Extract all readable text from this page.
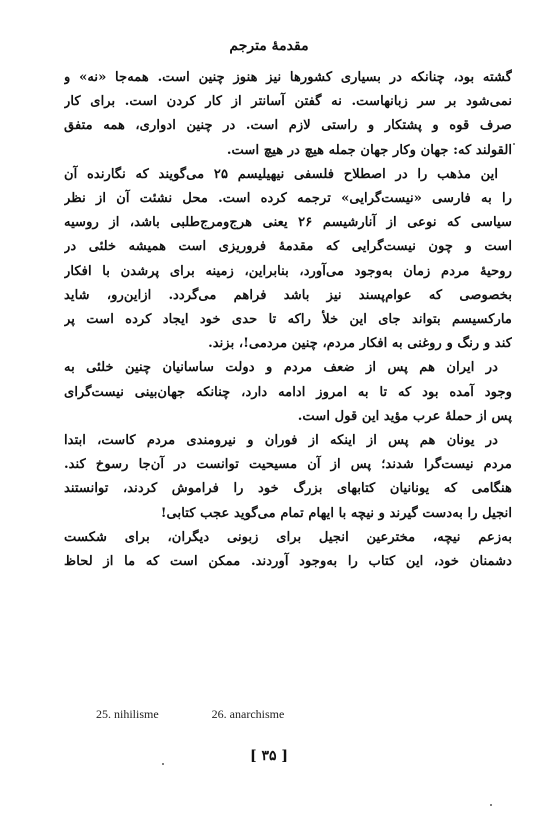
مقدمهٔ مترجم

گشته بود، چنانکه در بسیاری کشورها نیز هنوز چنین است. همه‌جا «نه» و
نمی‌شود بر سر زبانهاست. نه گفتن آسانتر از کار کردن است. برای کار
صرف قوه و پشتکار و راستی لازم است. در چنین ادواری، همه متفق
القولند که: جهان وکار جهان جمله هیچ در هیچ است.

این مذهب را در اصطلاح فلسفی نیهیلیسم ۲۵ می‌گویند که نگارنده آن
را به فارسی «نیست‌گرایی» ترجمه کرده است. محل نشئت آن از نظر
سیاسی که نوعی از آنارشیسم ۲۶ یعنی هرج‌ومرج‌طلبی باشد، از روسیه
است و چون نیست‌گرایی که مقدمهٔ فروریزی است همیشه خلئی در
روحیهٔ مردم زمان به‌وجود می‌آورد، بنابراین، زمینه برای پرشدن با افکار
بخصوصی که عوام‌پسند نیز باشد فراهم می‌گردد. ازاین‌رو، شاید
مارکسیسم بتواند جای این خلأ راکه تا حدی خود ایجاد کرده است پر
کند و رنگ و روغنی به افکار مردم، چنین مردمی!، بزند.

در ایران هم پس از ضعف مردم و دولت ساسانیان چنین خلئی به
وجود آمده بود که تا به امروز ادامه دارد، چنانکه جهان‌بینی نیست‌گرای
پس از حملهٔ عرب مؤید این قول است.

در یونان هم پس از اینکه از فوران و نیرومندی مردم کاست، ابتدا
مردم نیست‌گرا شدند؛ پس از آن مسیحیت توانست در آن‌جا رسوخ کند.
هنگامی که یونانیان کتابهای بزرگ خود را فراموش کردند، توانستند
انجیل را به‌دست گیرند و نیچه با ایهام تمام می‌گوید عجب کتابی!

به‌زعم نیچه، مخترعین انجیل برای زبونی دیگران، برای شکست
دشمنان خود، این کتاب را به‌وجود آوردند. ممکن است که ما از لحاظ

25. nihilisme	26. anarchisme
[ ۳۵ ]
